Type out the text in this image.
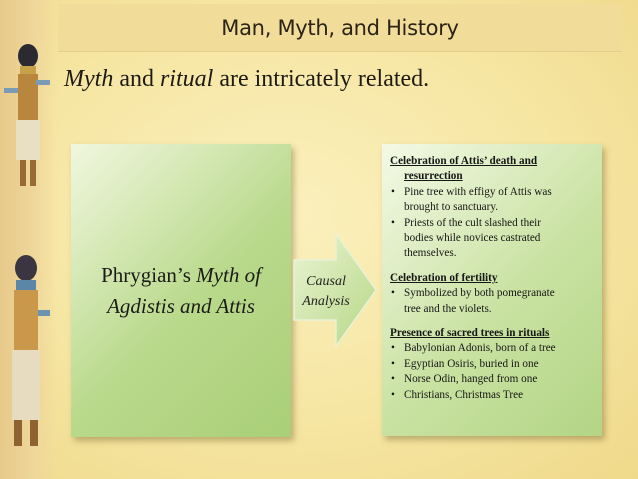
Man, Myth, and History
Myth and ritual are intricately related.
Phrygian’s Myth of
Agdistis and Attis
Causal
Analysis
Celebration of Attis’ death and
resurrection
• Pine tree with effigy of Attis was
brought to sanctuary.
• Priests of the cult slashed their
bodies while novices castrated
themselves.
Celebration of fertility
• Symbolized by both pomegranate
tree and the violets.
Presence of sacred trees in rituals
• Babylonian Adonis, born of a tree
• Egyptian Osiris, buried in one
• Norse Odin, hanged from one
• Christians, Christmas Tree
